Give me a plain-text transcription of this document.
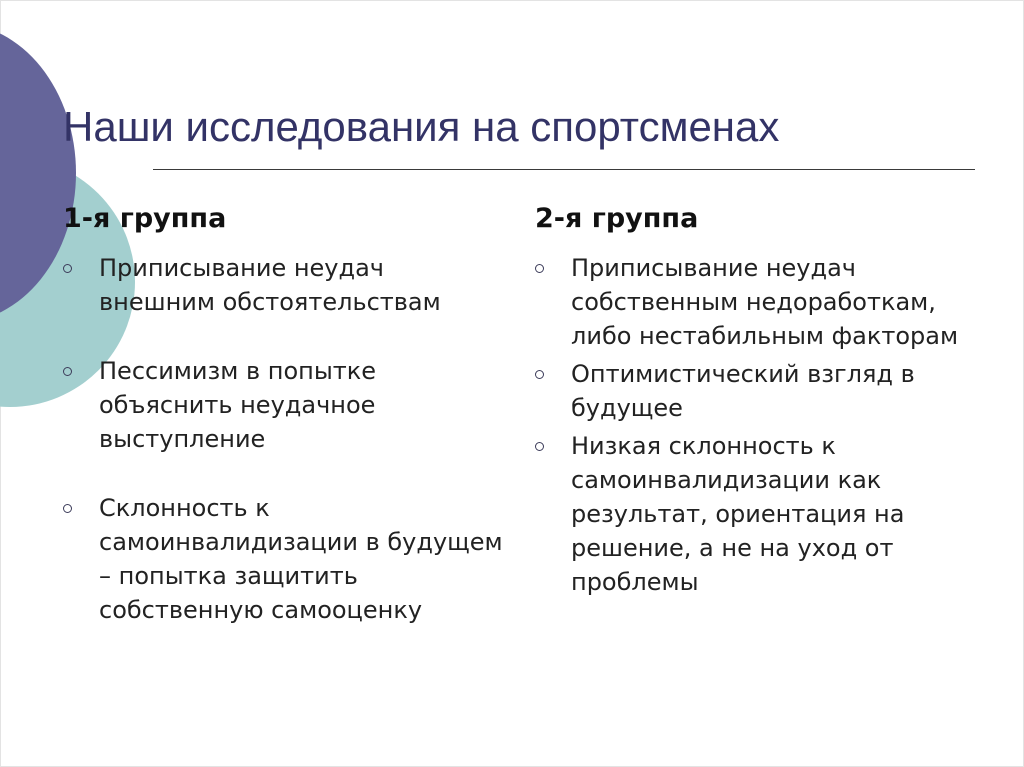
Наши исследования на спортсменах
1-я группа
Приписывание неудач внешним обстоятельствам
Пессимизм в попытке объяснить неудачное выступление
Склонность к самоинвалидизации в будущем – попытка защитить собственную самооценку
2-я группа
Приписывание неудач собственным недоработкам, либо нестабильным факторам
Оптимистический взгляд в будущее
Низкая склонность к самоинвалидизации как результат, ориентация на решение, а не на уход от проблемы
